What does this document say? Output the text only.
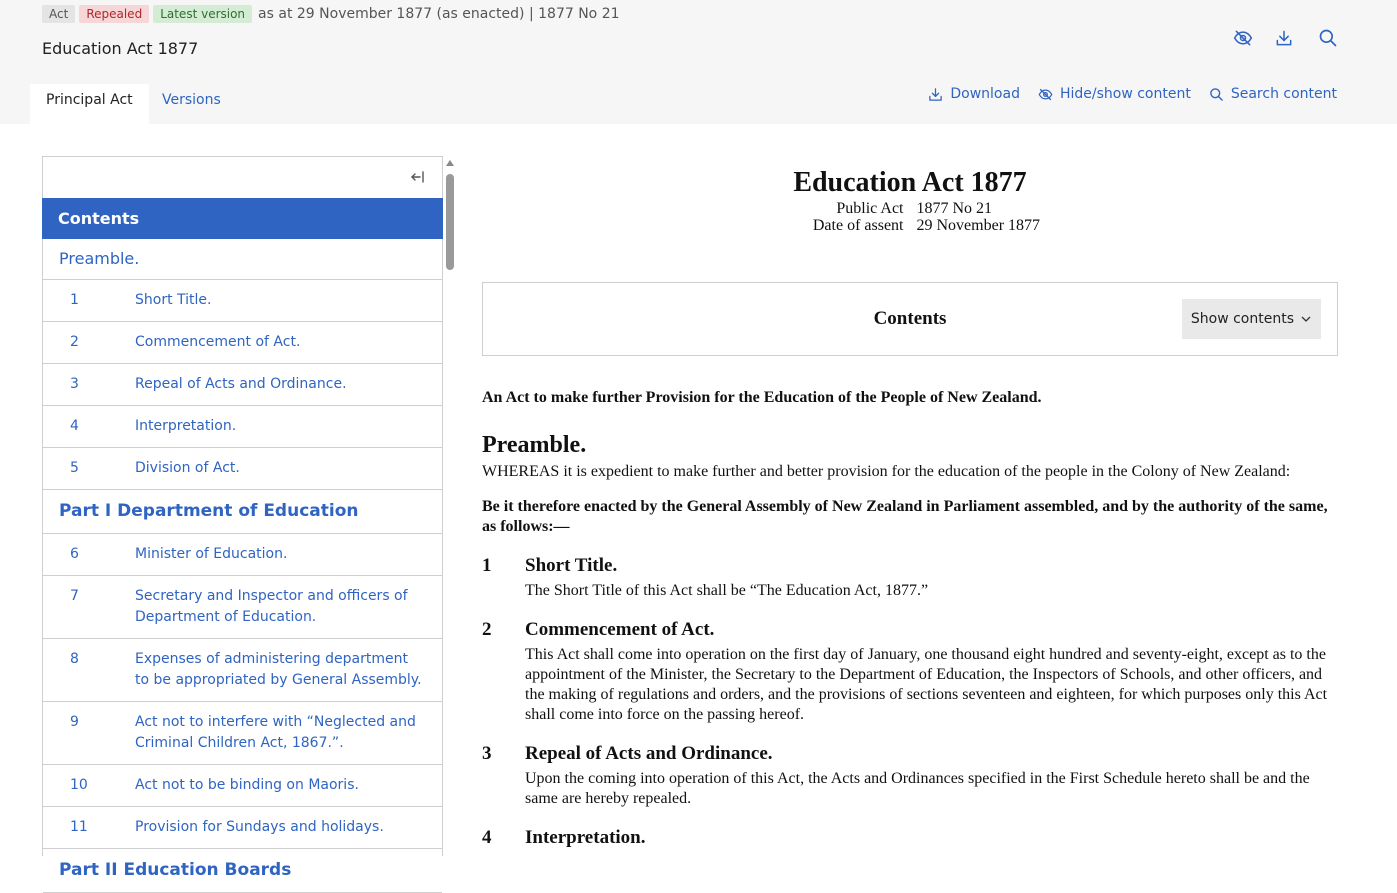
Act	Repealed	Latest version as at 29 November 1877 (as enacted) | 1877 No 21
Education Act 1877
Principal Act	Versions	Download	Hide/show content	Search content
Contents
Preamble.
1	Short Title.
2	Commencement of Act.
3	Repeal of Acts and Ordinance.
4	Interpretation.
5	Division of Act.
Part I Department of Education
6	Minister of Education.
7	Secretary and Inspector and officers of Department of Education.
8	Expenses of administering department to be appropriated by General Assembly.
9	Act not to interfere with “Neglected and Criminal Children Act, 1867.”.
10	Act not to be binding on Maoris.
11	Provision for Sundays and holidays.
Part II Education Boards
Education Act 1877
Public Act 1877 No 21
Date of assent 29 November 1877
Contents	Show contents
An Act to make further Provision for the Education of the People of New Zealand.
Preamble.
WHEREAS it is expedient to make further and better provision for the education of the people in the Colony of New Zealand:
Be it therefore enacted by the General Assembly of New Zealand in Parliament assembled, and by the authority of the same, as follows:—
1	Short Title.
The Short Title of this Act shall be “The Education Act, 1877.”
2	Commencement of Act.
This Act shall come into operation on the first day of January, one thousand eight hundred and seventy-eight, except as to the appointment of the Minister, the Secretary to the Department of Education, the Inspectors of Schools, and other officers, and the making of regulations and orders, and the provisions of sections seventeen and eighteen, for which purposes only this Act shall come into force on the passing hereof.
3	Repeal of Acts and Ordinance.
Upon the coming into operation of this Act, the Acts and Ordinances specified in the First Schedule hereto shall be and the same are hereby repealed.
4	Interpretation.
